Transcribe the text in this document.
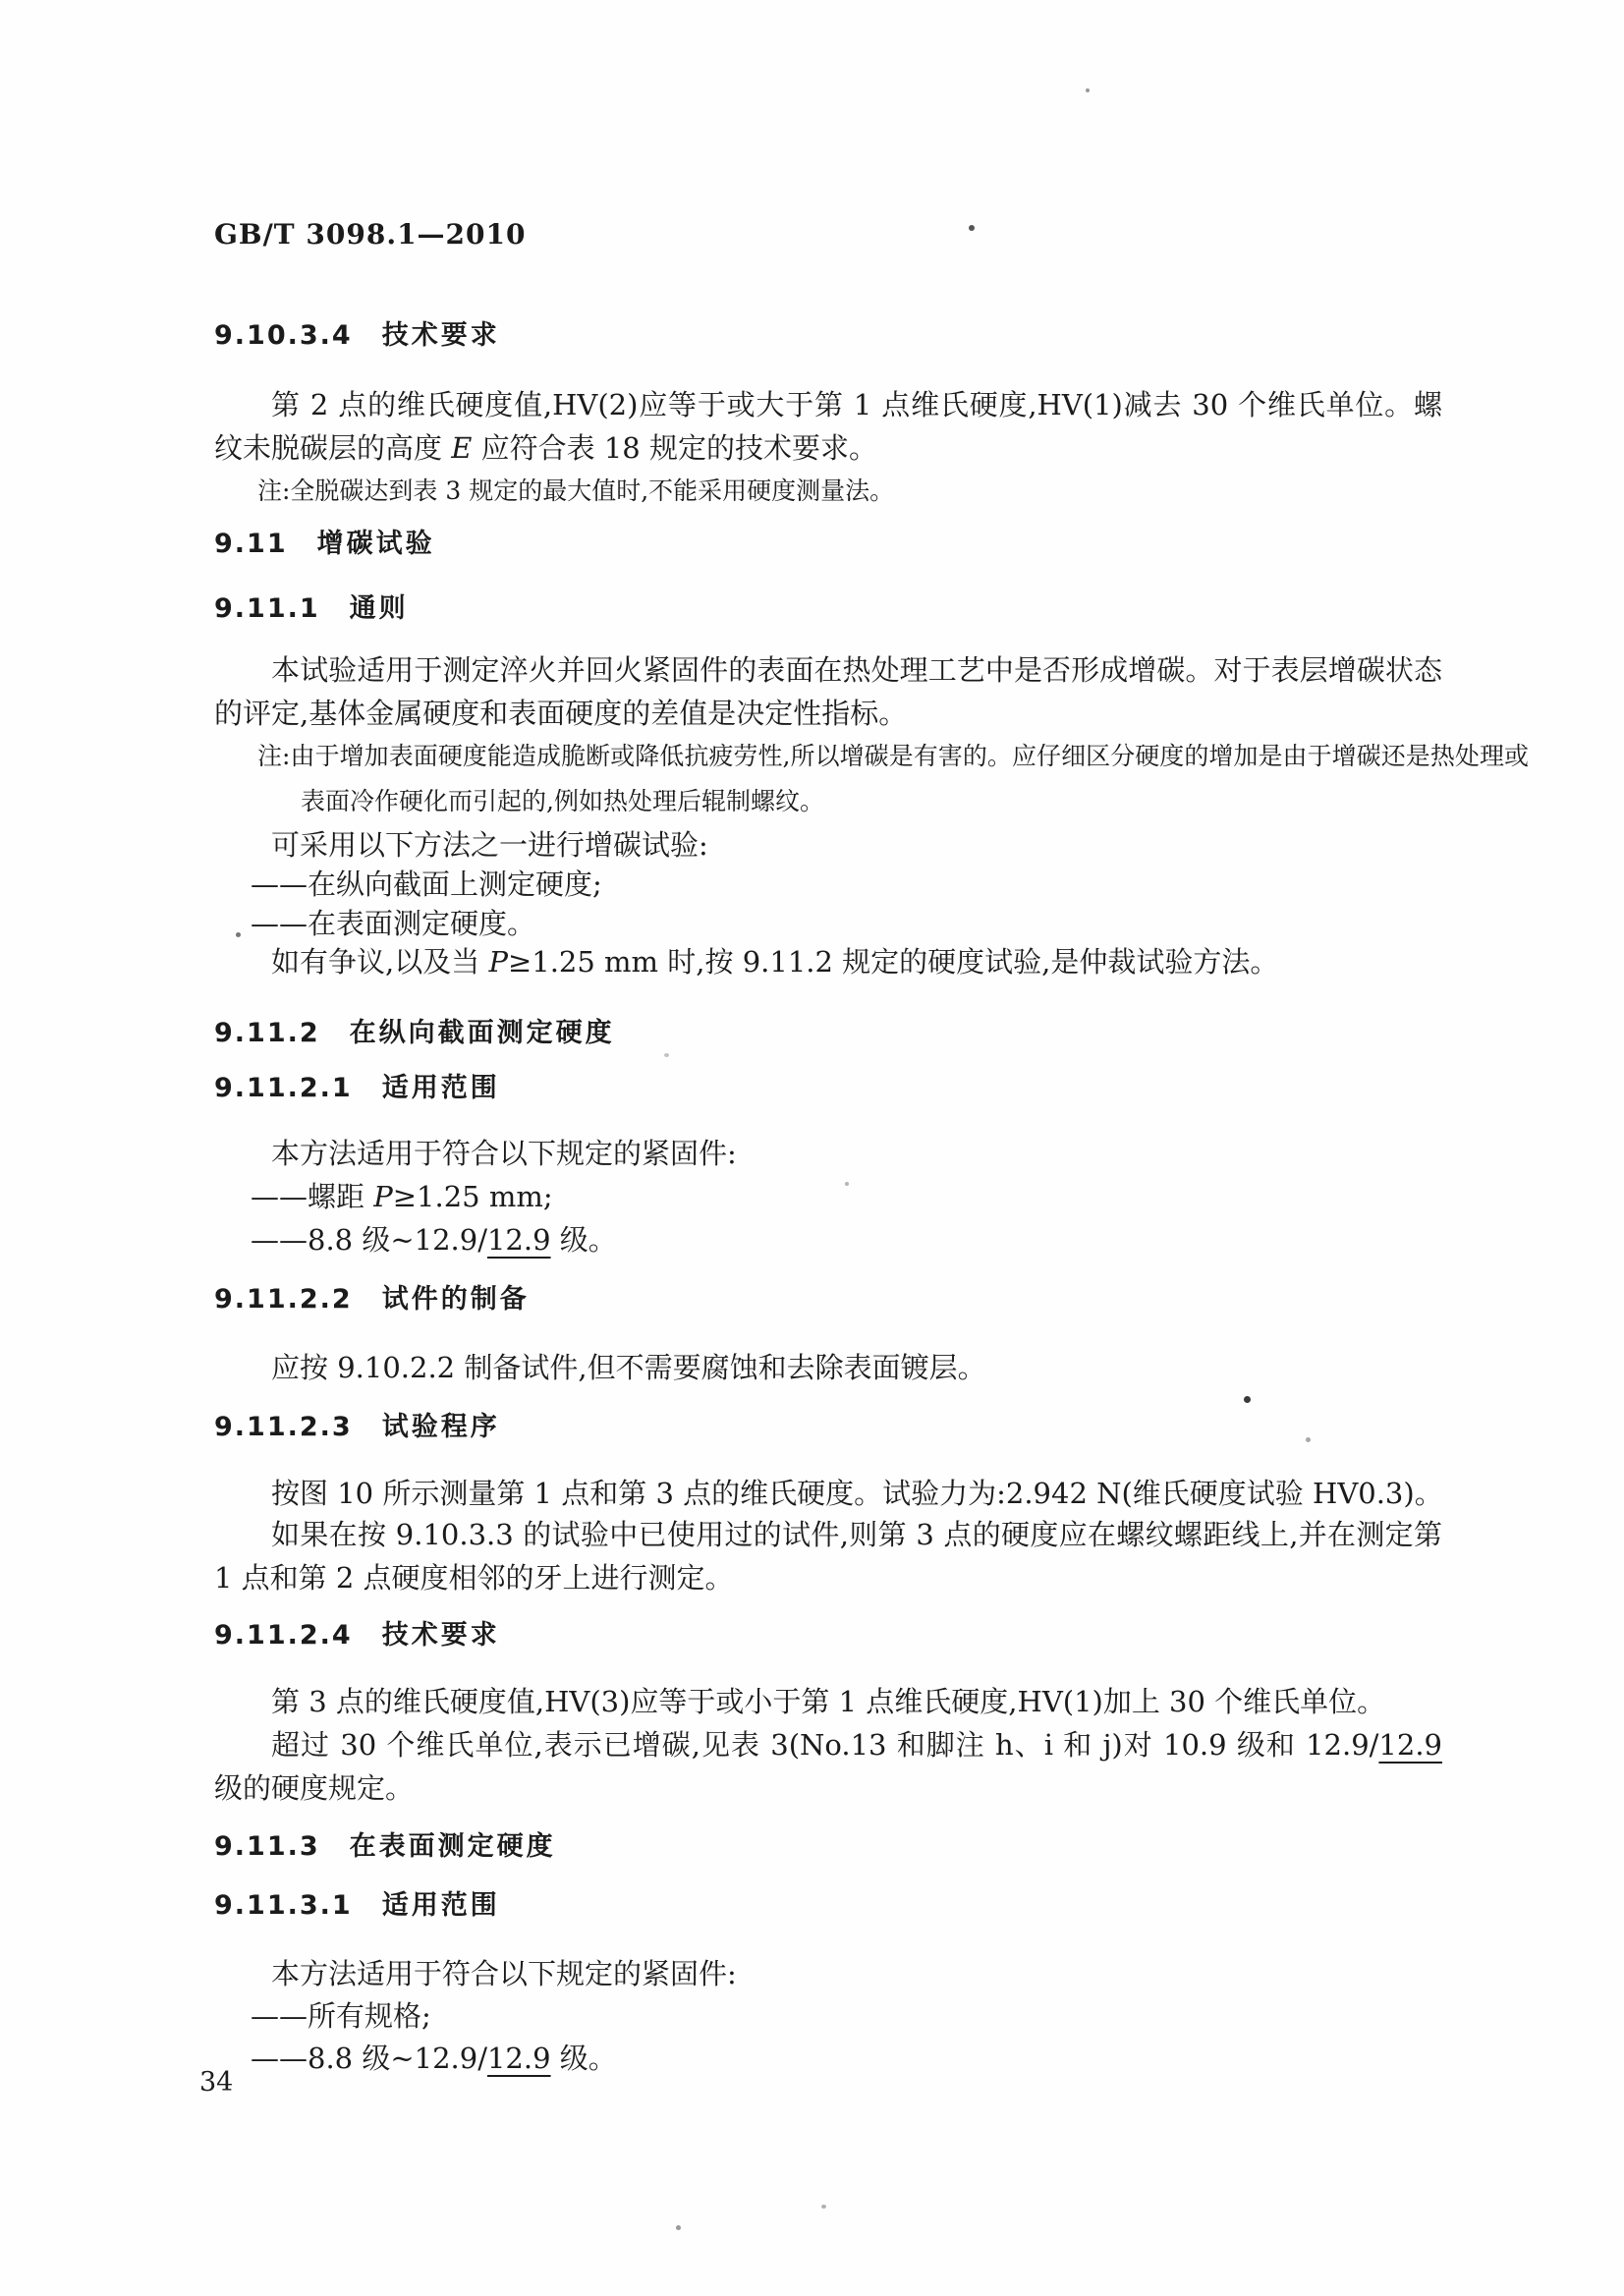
GB/T 3098.1—2010
9.10.3.4 技术要求
第 2 点的维氏硬度值,HV(2)应等于或大于第 1 点维氏硬度,HV(1)减去 30 个维氏单位。螺纹未脱碳层的高度 E 应符合表 18 规定的技术要求。
注:全脱碳达到表 3 规定的最大值时,不能采用硬度测量法。
9.11 增碳试验
9.11.1 通则
本试验适用于测定淬火并回火紧固件的表面在热处理工艺中是否形成增碳。对于表层增碳状态的评定,基体金属硬度和表面硬度的差值是决定性指标。
注:由于增加表面硬度能造成脆断或降低抗疲劳性,所以增碳是有害的。应仔细区分硬度的增加是由于增碳还是热处理或表面冷作硬化而引起的,例如热处理后辊制螺纹。
可采用以下方法之一进行增碳试验:
——在纵向截面上测定硬度;
——在表面测定硬度。
如有争议,以及当 P≥1.25 mm 时,按 9.11.2 规定的硬度试验,是仲裁试验方法。
9.11.2 在纵向截面测定硬度
9.11.2.1 适用范围
本方法适用于符合以下规定的紧固件:
——螺距 P≥1.25 mm;
——8.8 级~12.9/12.9 级。
9.11.2.2 试件的制备
应按 9.10.2.2 制备试件,但不需要腐蚀和去除表面镀层。
9.11.2.3 试验程序
按图 10 所示测量第 1 点和第 3 点的维氏硬度。试验力为:2.942 N(维氏硬度试验 HV0.3)。
如果在按 9.10.3.3 的试验中已使用过的试件,则第 3 点的硬度应在螺纹螺距线上,并在测定第 1 点和第 2 点硬度相邻的牙上进行测定。
9.11.2.4 技术要求
第 3 点的维氏硬度值,HV(3)应等于或小于第 1 点维氏硬度,HV(1)加上 30 个维氏单位。
超过 30 个维氏单位,表示已增碳,见表 3(No.13 和脚注 h、i 和 j)对 10.9 级和 12.9/12.9 级的硬度规定。
9.11.3 在表面测定硬度
9.11.3.1 适用范围
本方法适用于符合以下规定的紧固件:
——所有规格;
——8.8 级~12.9/12.9 级。
34
